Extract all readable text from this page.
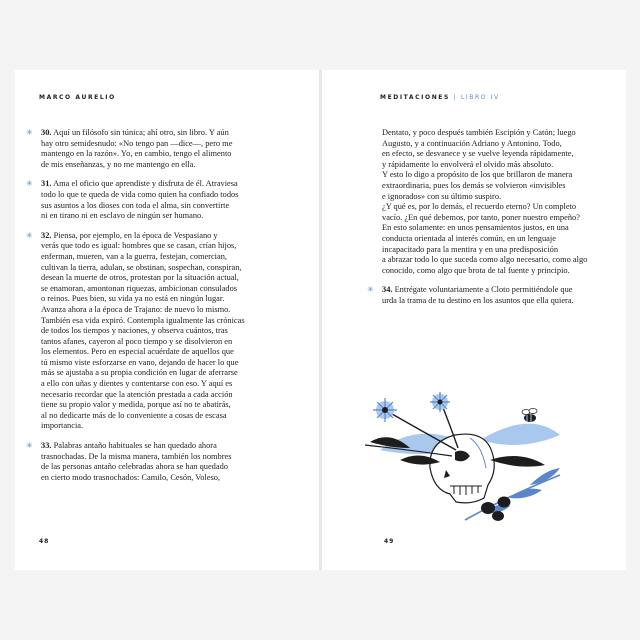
MARCO AURELIO
✳ 30. Aquí un filósofo sin túnica; ahí otro, sin libro. Y aún
hay otro semidesnudo: «No tengo pan —dice—, pero me
mantengo en la razón». Yo, en cambio, tengo el alimento
de mis enseñanzas, y no me mantengo en ella.
✳ 31. Ama el oficio que aprendiste y disfruta de él. Atraviesa
todo lo que te queda de vida como quien ha confiado todos
sus asuntos a los dioses con toda el alma, sin convertirte
ni en tirano ni en esclavo de ningún ser humano.
✳ 32. Piensa, por ejemplo, en la época de Vespasiano y
verás que todo es igual: hombres que se casan, crían hijos,
enferman, mueren, van a la guerra, festejan, comercian,
cultivan la tierra, adulan, se obstinan, sospechan, conspiran,
desean la muerte de otros, protestan por la situación actual,
se enamoran, amontonan riquezas, ambicionan consulados
o reinos. Pues bien, su vida ya no está en ningún lugar.
Avanza ahora a la época de Trajano: de nuevo lo mismo.
También esa vida expiró. Contempla igualmente las crónicas
de todos los tiempos y naciones, y observa cuántos, tras
tantos afanes, cayeron al poco tiempo y se disolvieron en
los elementos. Pero en especial acuérdate de aquellos que
tú mismo viste esforzarse en vano, dejando de hacer lo que
más se ajustaba a su propia condición en lugar de aferrarse
a ello con uñas y dientes y contentarse con eso. Y aquí es
necesario recordar que la atención prestada a cada acción
tiene su propio valor y medida, porque así no te abatirás,
al no dedicarte más de lo conveniente a cosas de escasa
importancia.
✳ 33. Palabras antaño habituales se han quedado ahora
trasnochadas. De la misma manera, también los nombres
de las personas antaño celebradas ahora se han quedado
en cierto modo trasnochados: Camilo, Cesón, Voleso,
48
MEDITACIONES | LIBRO IV
Dentato, y poco después también Escipión y Catón; luego
Augusto, y a continuación Adriano y Antonino. Todo,
en efecto, se desvanece y se vuelve leyenda rápidamente,
y rápidamente lo envolverá el olvido más absoluto.
Y esto lo digo a propósito de los que brillaron de manera
extraordinaria, pues los demás se volvieron «invisibles
e ignorados» con su último suspiro.
¿Y qué es, por lo demás, el recuerdo eterno? Un completo
vacío. ¿En qué debemos, por tanto, poner nuestro empeño?
En esto solamente: en unos pensamientos justos, en una
conducta orientada al interés común, en un lenguaje
incapacitado para la mentira y en una predisposición
a abrazar todo lo que suceda como algo necesario, como algo
conocido, como algo que brota de tal fuente y principio.
✳ 34. Entrégate voluntariamente a Cloto permitiéndole que
urda la trama de tu destino en los asuntos que ella quiera.
49
